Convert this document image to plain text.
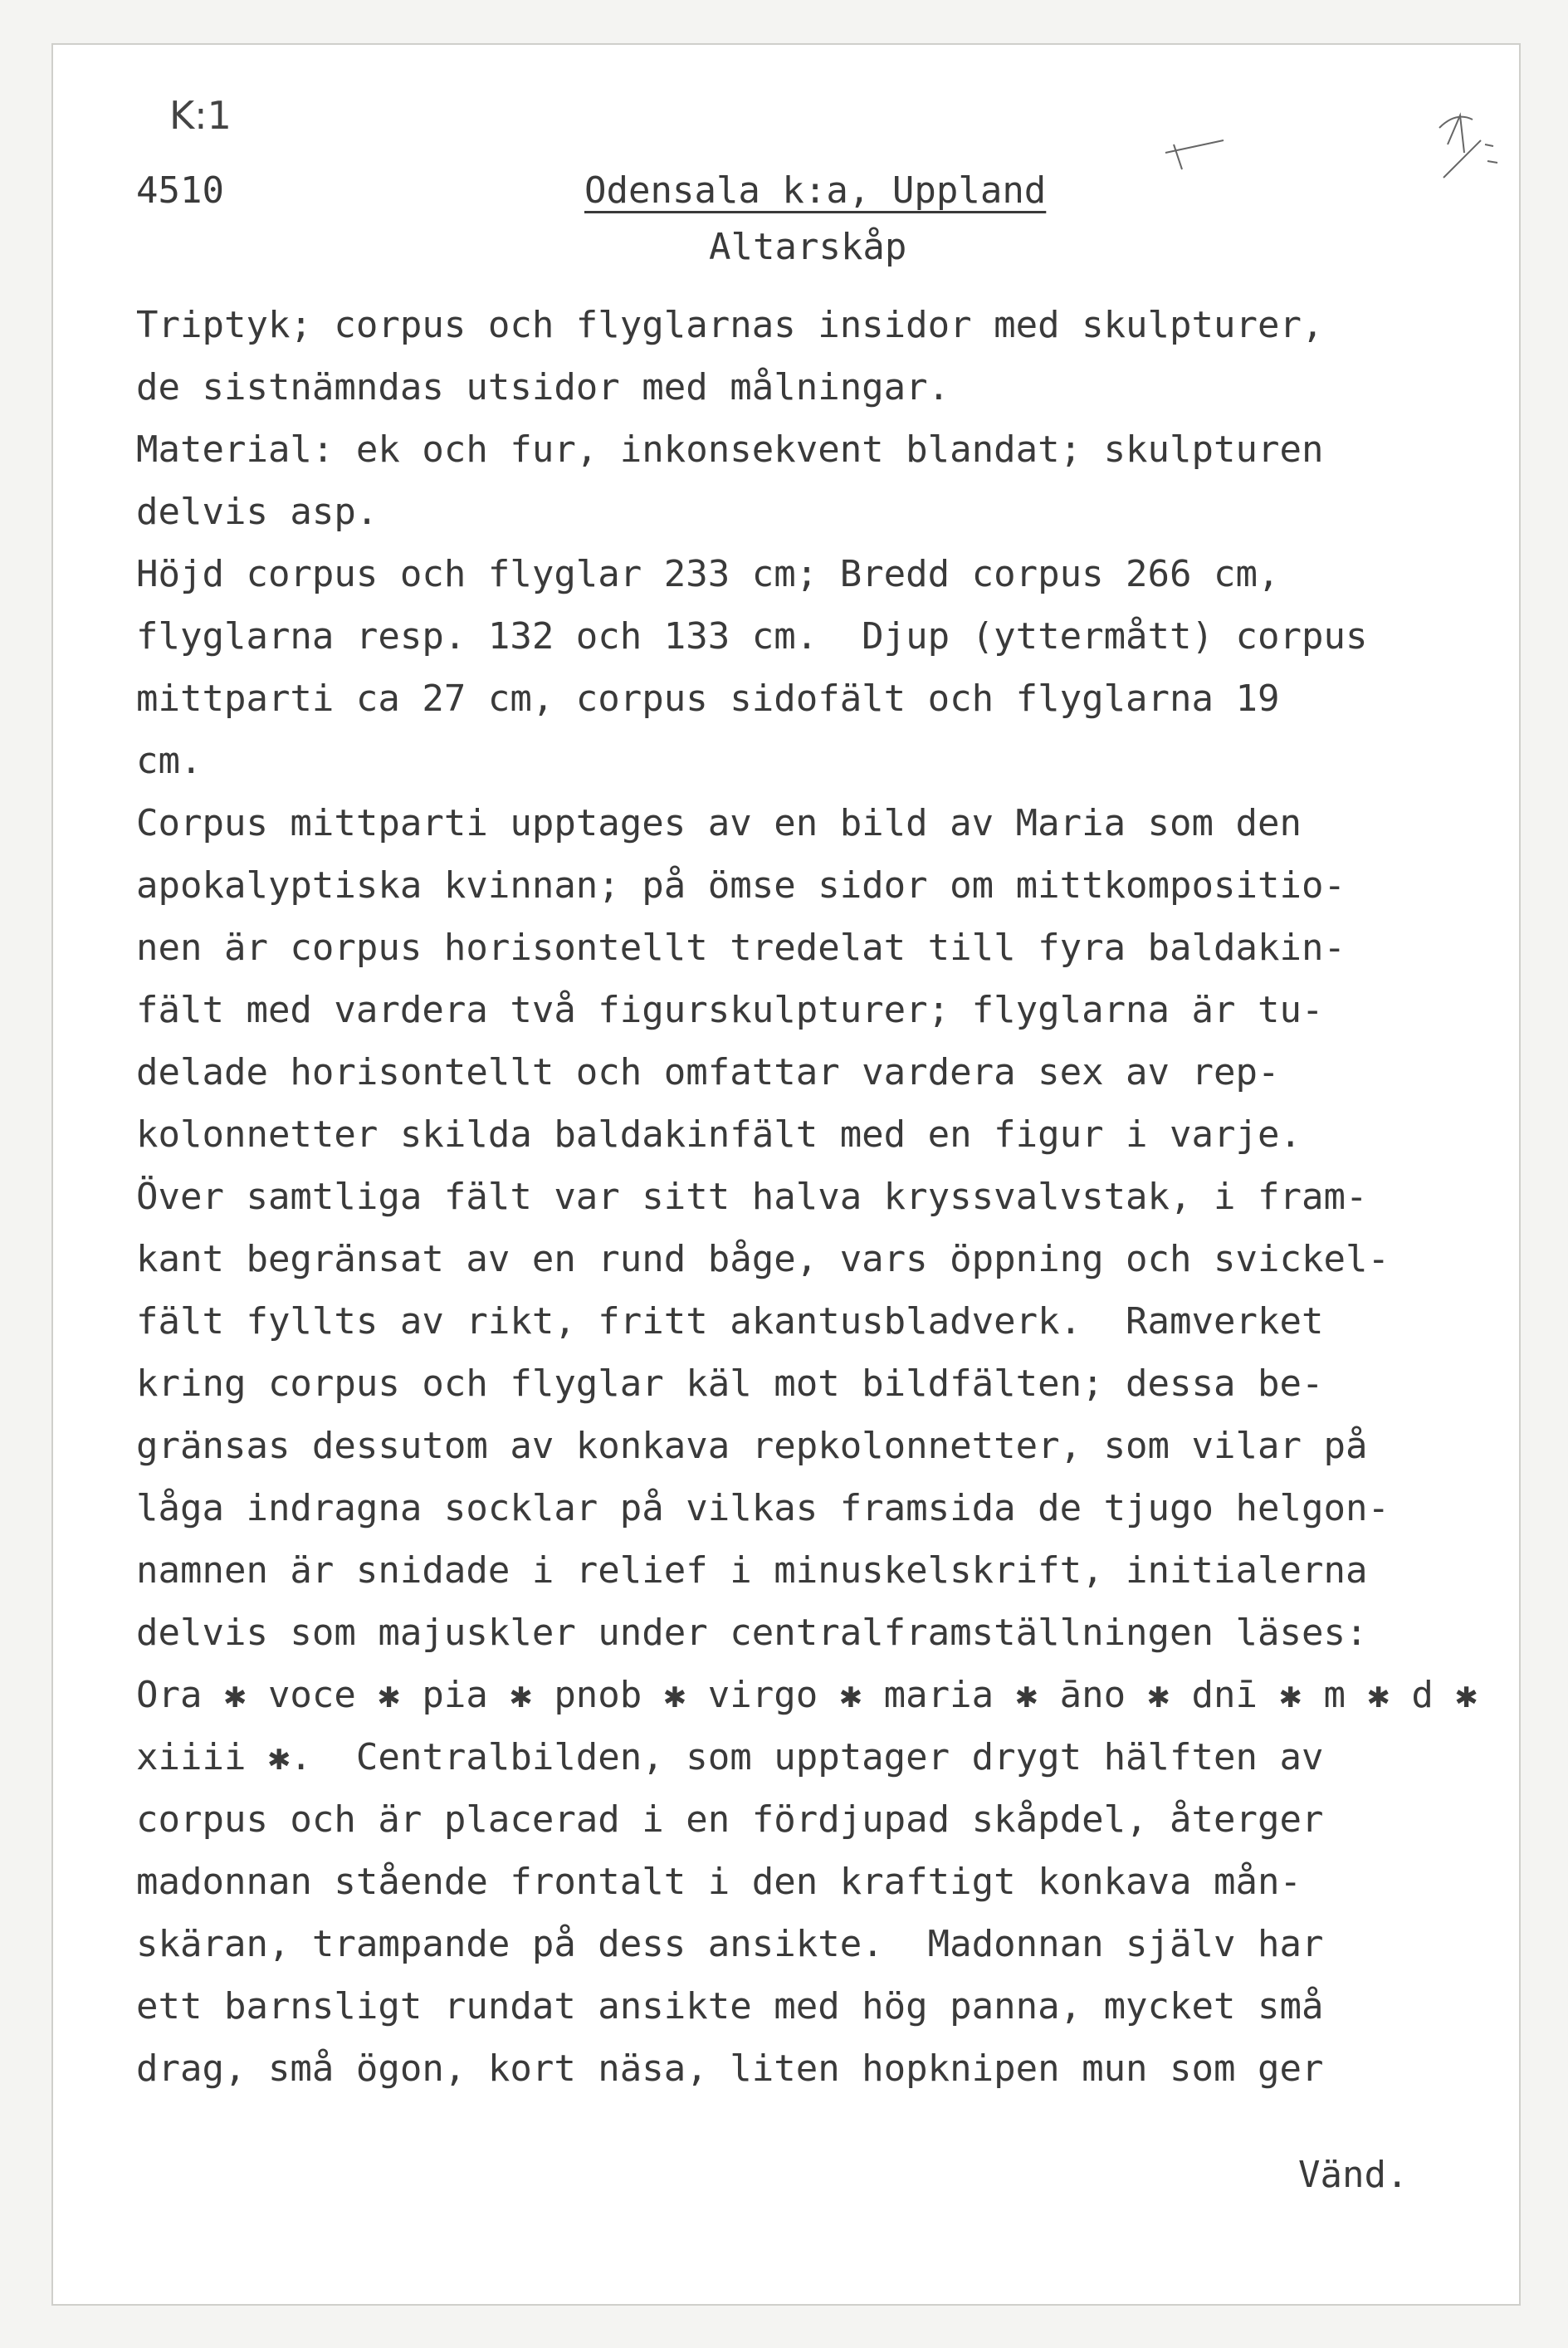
K:1
4510	Odensala k:a, Uppland
Altarskåp
Triptyk; corpus och flyglarnas insidor med skulpturer,
de sistnämndas utsidor med målningar.
Material: ek och fur, inkonsekvent blandat; skulpturen
delvis asp.
Höjd corpus och flyglar 233 cm; Bredd corpus 266 cm,
flyglarna resp. 132 och 133 cm.  Djup (yttermått) corpus
mittparti ca 27 cm, corpus sidofält och flyglarna 19
cm.
Corpus mittparti upptages av en bild av Maria som den
apokalyptiska kvinnan; på ömse sidor om mittkompositio-
nen är corpus horisontellt tredelat till fyra baldakin-
fält med vardera två figurskulpturer; flyglarna är tu-
delade horisontellt och omfattar vardera sex av rep-
kolonnetter skilda baldakinfält med en figur i varje.
Över samtliga fält var sitt halva kryssvalvstak, i fram-
kant begränsat av en rund båge, vars öppning och svickel-
fält fyllts av rikt, fritt akantusbladverk.  Ramverket
kring corpus och flyglar käl mot bildfälten; dessa be-
gränsas dessutom av konkava repkolonnetter, som vilar på
låga indragna socklar på vilkas framsida de tjugo helgon-
namnen är snidade i relief i minuskelskrift, initialerna
delvis som majuskler under centralframställningen läses:
Ora ✱ voce ✱ pia ✱ pnob ✱ virgo ✱ maria ✱ āno ✱ dnī ✱ m ✱ d ✱
xiiii ✱.  Centralbilden, som upptager drygt hälften av
corpus och är placerad i en fördjupad skåpdel, återger
madonnan stående frontalt i den kraftigt konkava mån-
skäran, trampande på dess ansikte.  Madonnan själv har
ett barnsligt rundat ansikte med hög panna, mycket små
drag, små ögon, kort näsa, liten hopknipen mun som ger
Vänd.
